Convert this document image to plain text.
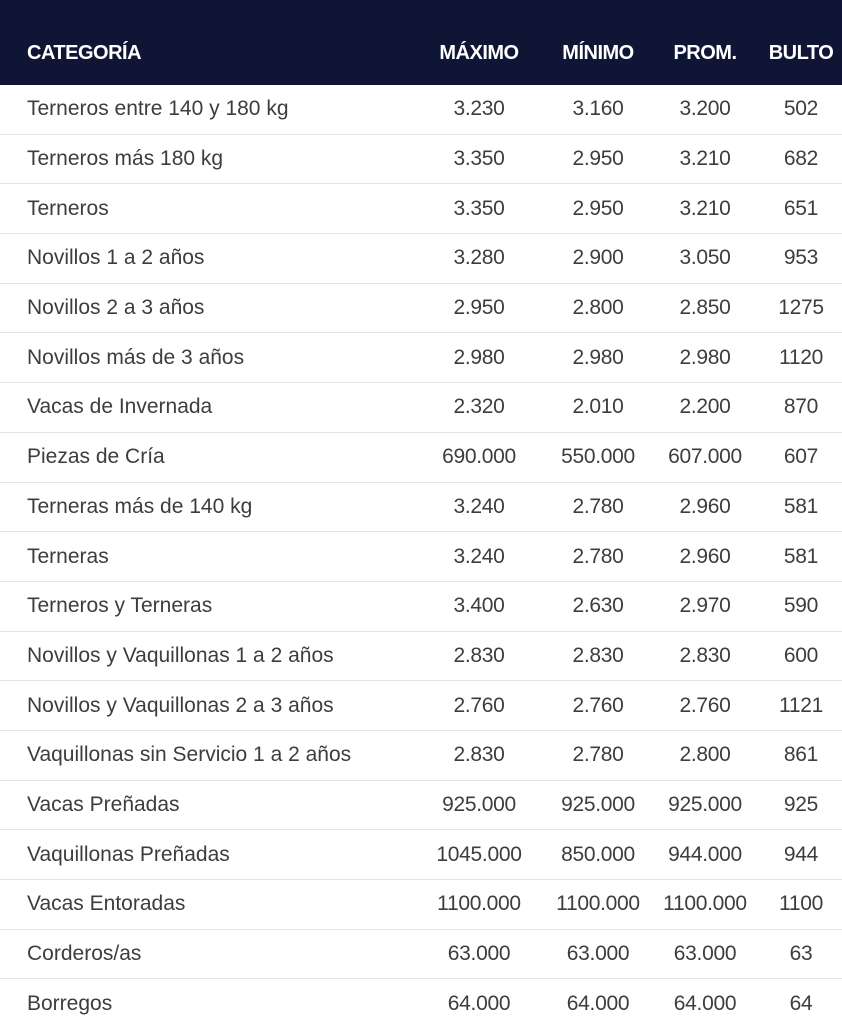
CATEGORÍA	MÁXIMO	MÍNIMO	PROM.	BULTO
Terneros entre 140 y 180 kg	3.230	3.160	3.200	502
Terneros más 180 kg	3.350	2.950	3.210	682
Terneros	3.350	2.950	3.210	651
Novillos 1 a 2 años	3.280	2.900	3.050	953
Novillos 2 a 3 años	2.950	2.800	2.850	1275
Novillos más de 3 años	2.980	2.980	2.980	1120
Vacas de Invernada	2.320	2.010	2.200	870
Piezas de Cría	690.000	550.000	607.000	607
Terneras más de 140 kg	3.240	2.780	2.960	581
Terneras	3.240	2.780	2.960	581
Terneros y Terneras	3.400	2.630	2.970	590
Novillos y Vaquillonas 1 a 2 años	2.830	2.830	2.830	600
Novillos y Vaquillonas 2 a 3 años	2.760	2.760	2.760	1121
Vaquillonas sin Servicio 1 a 2 años	2.830	2.780	2.800	861
Vacas Preñadas	925.000	925.000	925.000	925
Vaquillonas Preñadas	1045.000	850.000	944.000	944
Vacas Entoradas	1100.000	1100.000	1100.000	1100
Corderos/as	63.000	63.000	63.000	63
Borregos	64.000	64.000	64.000	64
